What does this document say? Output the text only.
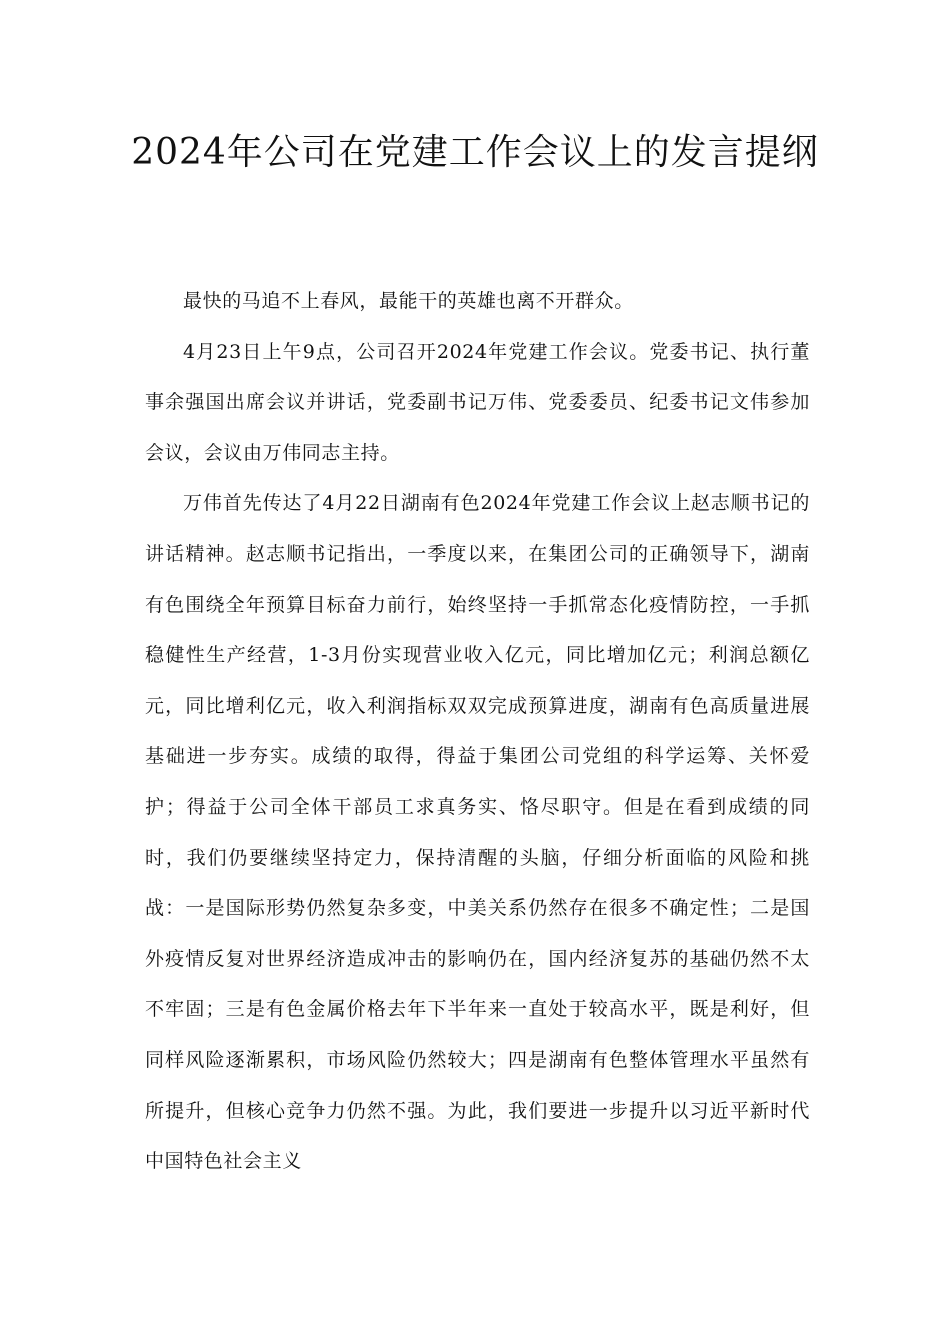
2024年公司在党建工作会议上的发言提纲

最快的马追不上春风，最能干的英雄也离不开群众。

4月23日上午9点，公司召开2024年党建工作会议。党委书记、执行董事余强国出席会议并讲话，党委副书记万伟、党委委员、纪委书记文伟参加会议，会议由万伟同志主持。

万伟首先传达了4月22日湖南有色2024年党建工作会议上赵志顺书记的讲话精神。赵志顺书记指出，一季度以来，在集团公司的正确领导下，湖南有色围绕全年预算目标奋力前行，始终坚持一手抓常态化疫情防控，一手抓稳健性生产经营，1-3月份实现营业收入亿元，同比增加亿元；利润总额亿元，同比增利亿元，收入利润指标双双完成预算进度，湖南有色高质量进展基础进一步夯实。成绩的取得，得益于集团公司党组的科学运筹、关怀爱护；得益于公司全体干部员工求真务实、恪尽职守。但是在看到成绩的同时，我们仍要继续坚持定力，保持清醒的头脑，仔细分析面临的风险和挑战：一是国际形势仍然复杂多变，中美关系仍然存在很多不确定性；二是国外疫情反复对世界经济造成冲击的影响仍在，国内经济复苏的基础仍然不太不牢固；三是有色金属价格去年下半年来一直处于较高水平，既是利好，但同样风险逐渐累积，市场风险仍然较大；四是湖南有色整体管理水平虽然有所提升，但核心竞争力仍然不强。为此，我们要进一步提升以习近平新时代中国特色社会主义
